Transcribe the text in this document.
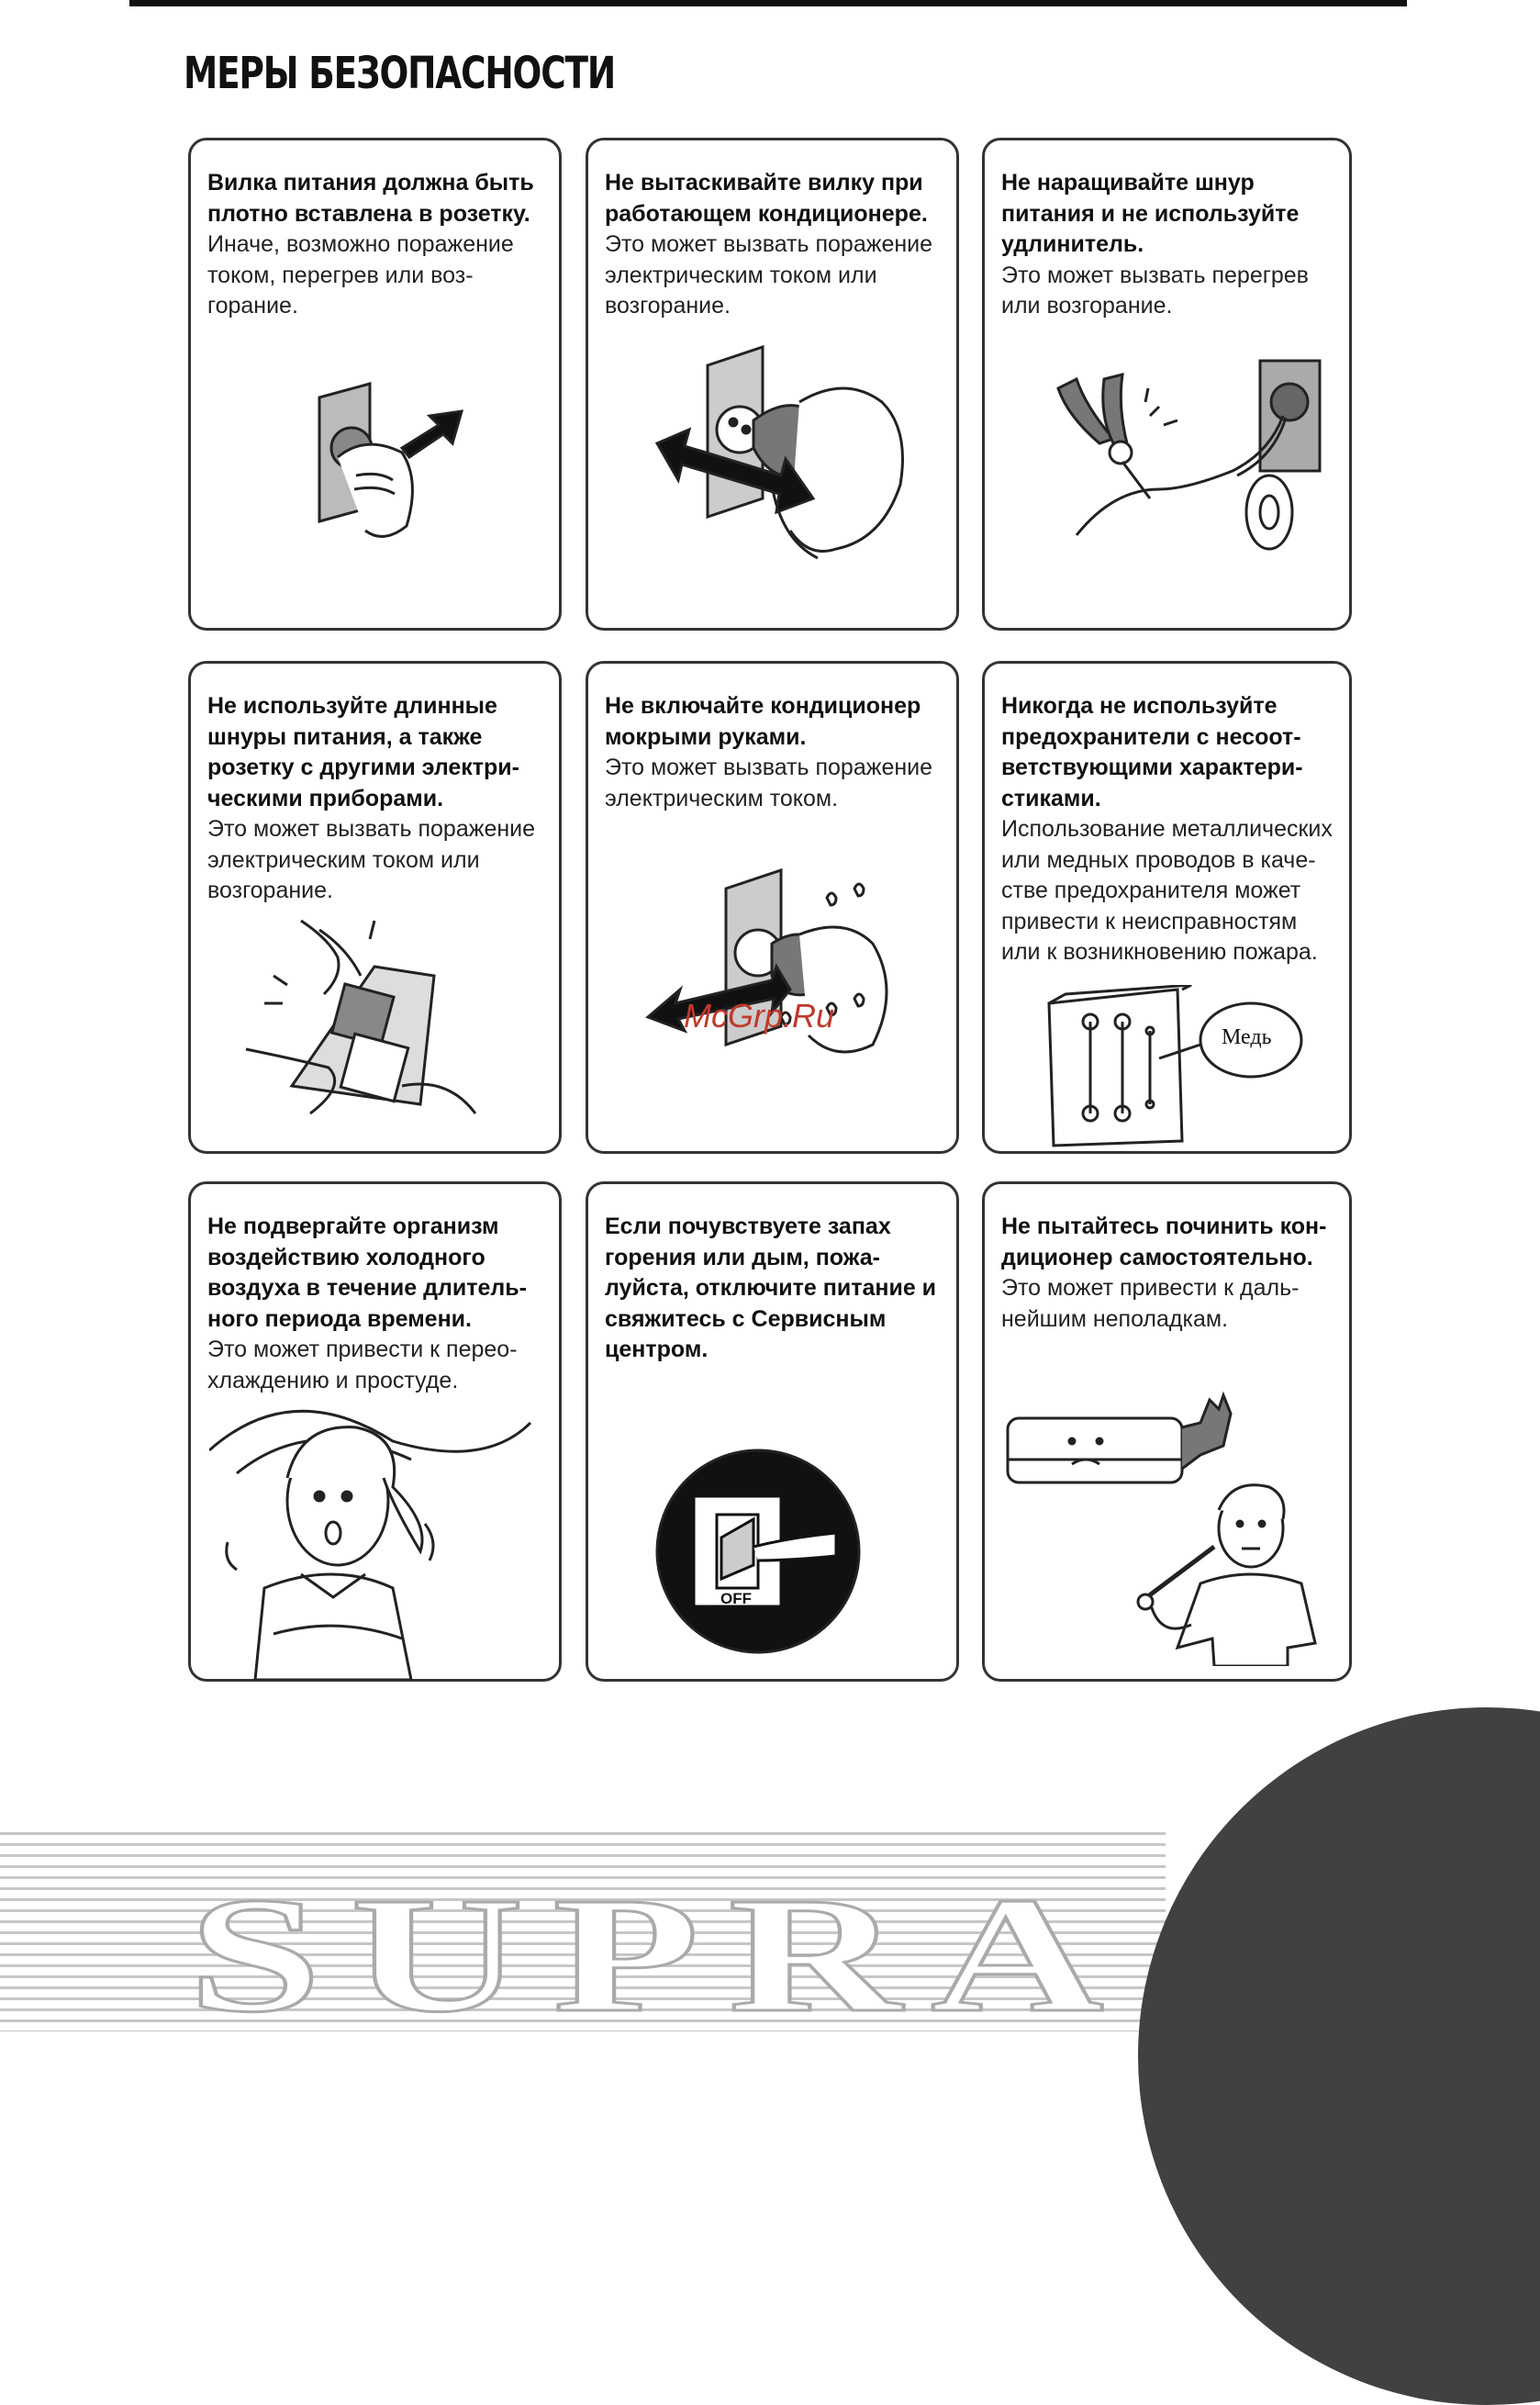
МЕРЫ БЕЗОПАСНОСТИ
Вилка питания должна быть плотно вставлена в розетку.
Иначе, возможно поражение током, перегрев или воз-горание.
Не вытаскивайте вилку при работающем кондиционере.
Это может вызвать поражение электрическим током или возгорание.
Не наращивайте шнур питания и не используйте удлинитель.
Это может вызвать перегрев или возгорание.
Не используйте длинные шнуры питания, а также розетку с другими электри-ческими приборами.
Это может вызвать поражение электрическим током или возгорание.
Не включайте кондиционер мокрыми руками.
Это может вызвать поражение электрическим током.
Никогда не используйте предохранители с несоот-ветствующими характери-стиками.
Использование металлических или медных проводов в каче-стве предохранителя может привести к неисправностям или к возникновению пожара.
Медь
Не подвергайте организм воздействию холодного воздуха в течение длитель-ного периода времени.
Это может привести к перео-хлаждению и простуде.
Если почувствуете запах горения или дым, пожа-луйста, отключите питание и свяжитесь с Сервисным центром.
OFF
Не пытайтесь починить кон-диционер самостоятельно.
Это может привести к даль-нейшим неполадкам.
McGrp.Ru
SUPRA
